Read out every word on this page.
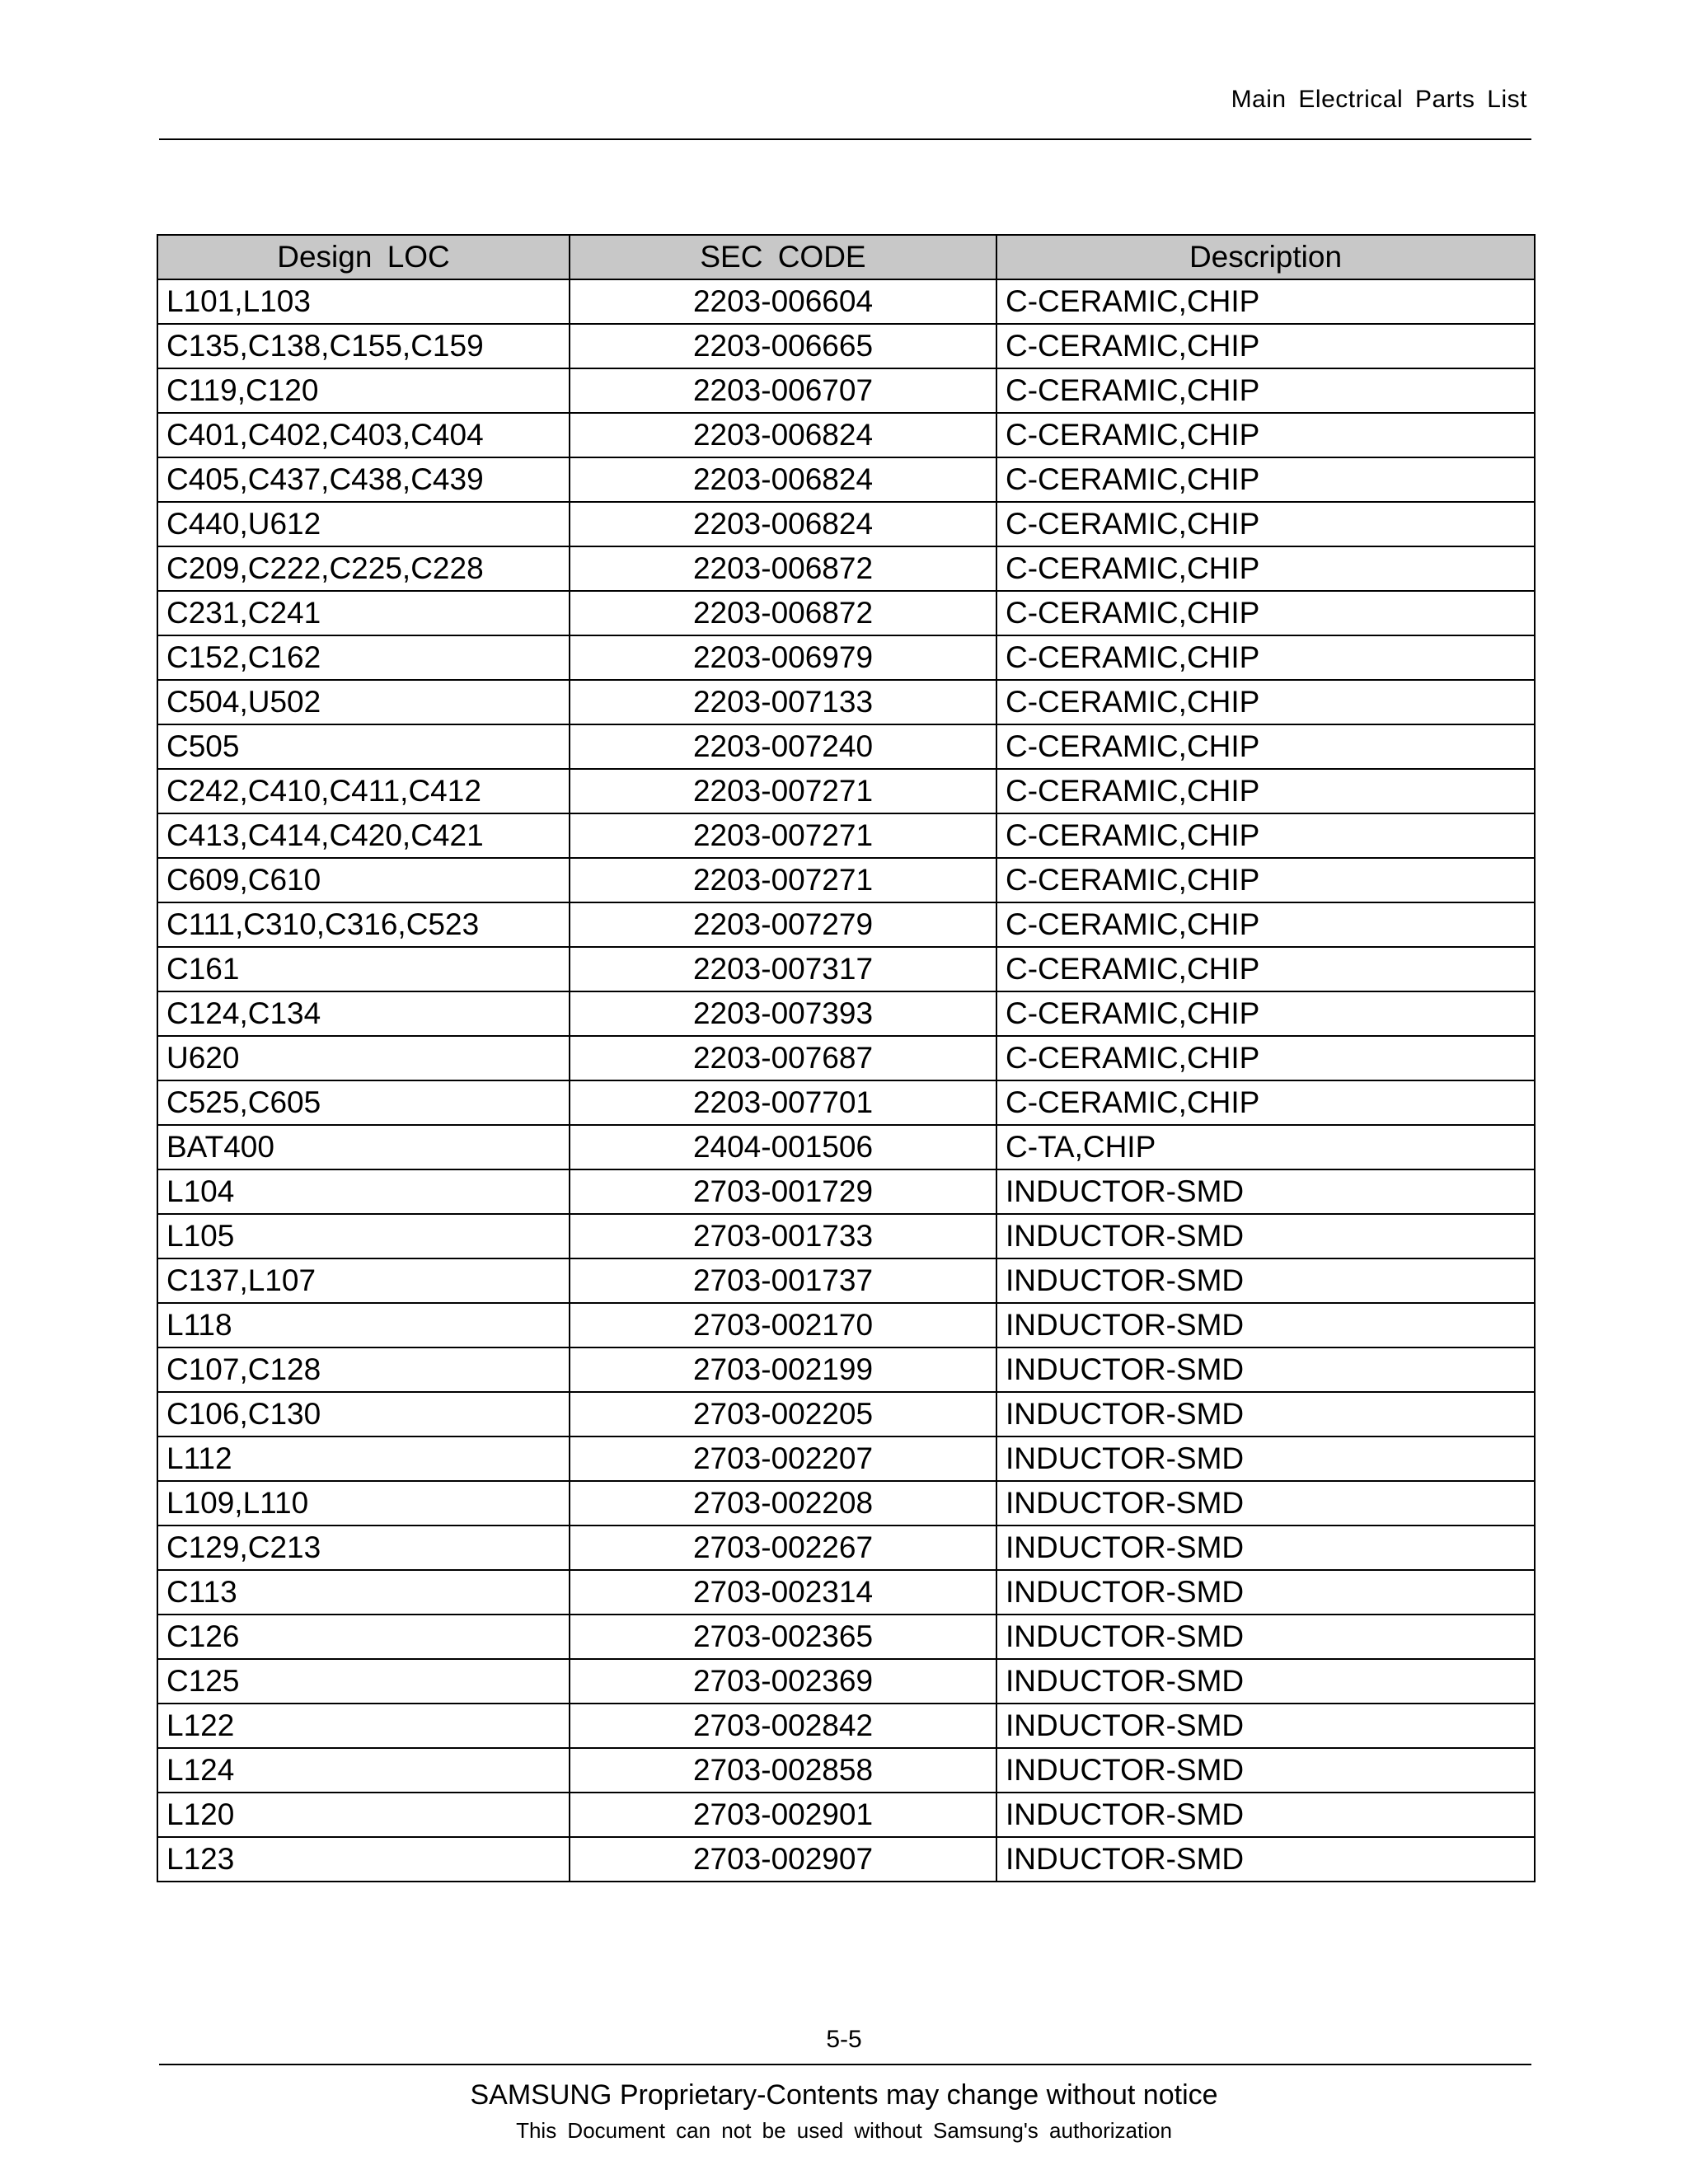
Main Electrical Parts List
Design LOC	SEC CODE	Description
L101,L103	2203-006604	C-CERAMIC,CHIP
C135,C138,C155,C159	2203-006665	C-CERAMIC,CHIP
C119,C120	2203-006707	C-CERAMIC,CHIP
C401,C402,C403,C404	2203-006824	C-CERAMIC,CHIP
C405,C437,C438,C439	2203-006824	C-CERAMIC,CHIP
C440,U612	2203-006824	C-CERAMIC,CHIP
C209,C222,C225,C228	2203-006872	C-CERAMIC,CHIP
C231,C241	2203-006872	C-CERAMIC,CHIP
C152,C162	2203-006979	C-CERAMIC,CHIP
C504,U502	2203-007133	C-CERAMIC,CHIP
C505	2203-007240	C-CERAMIC,CHIP
C242,C410,C411,C412	2203-007271	C-CERAMIC,CHIP
C413,C414,C420,C421	2203-007271	C-CERAMIC,CHIP
C609,C610	2203-007271	C-CERAMIC,CHIP
C111,C310,C316,C523	2203-007279	C-CERAMIC,CHIP
C161	2203-007317	C-CERAMIC,CHIP
C124,C134	2203-007393	C-CERAMIC,CHIP
U620	2203-007687	C-CERAMIC,CHIP
C525,C605	2203-007701	C-CERAMIC,CHIP
BAT400	2404-001506	C-TA,CHIP
L104	2703-001729	INDUCTOR-SMD
L105	2703-001733	INDUCTOR-SMD
C137,L107	2703-001737	INDUCTOR-SMD
L118	2703-002170	INDUCTOR-SMD
C107,C128	2703-002199	INDUCTOR-SMD
C106,C130	2703-002205	INDUCTOR-SMD
L112	2703-002207	INDUCTOR-SMD
L109,L110	2703-002208	INDUCTOR-SMD
C129,C213	2703-002267	INDUCTOR-SMD
C113	2703-002314	INDUCTOR-SMD
C126	2703-002365	INDUCTOR-SMD
C125	2703-002369	INDUCTOR-SMD
L122	2703-002842	INDUCTOR-SMD
L124	2703-002858	INDUCTOR-SMD
L120	2703-002901	INDUCTOR-SMD
L123	2703-002907	INDUCTOR-SMD
5-5
SAMSUNG Proprietary-Contents may change without notice
This Document can not be used without Samsung's authorization
